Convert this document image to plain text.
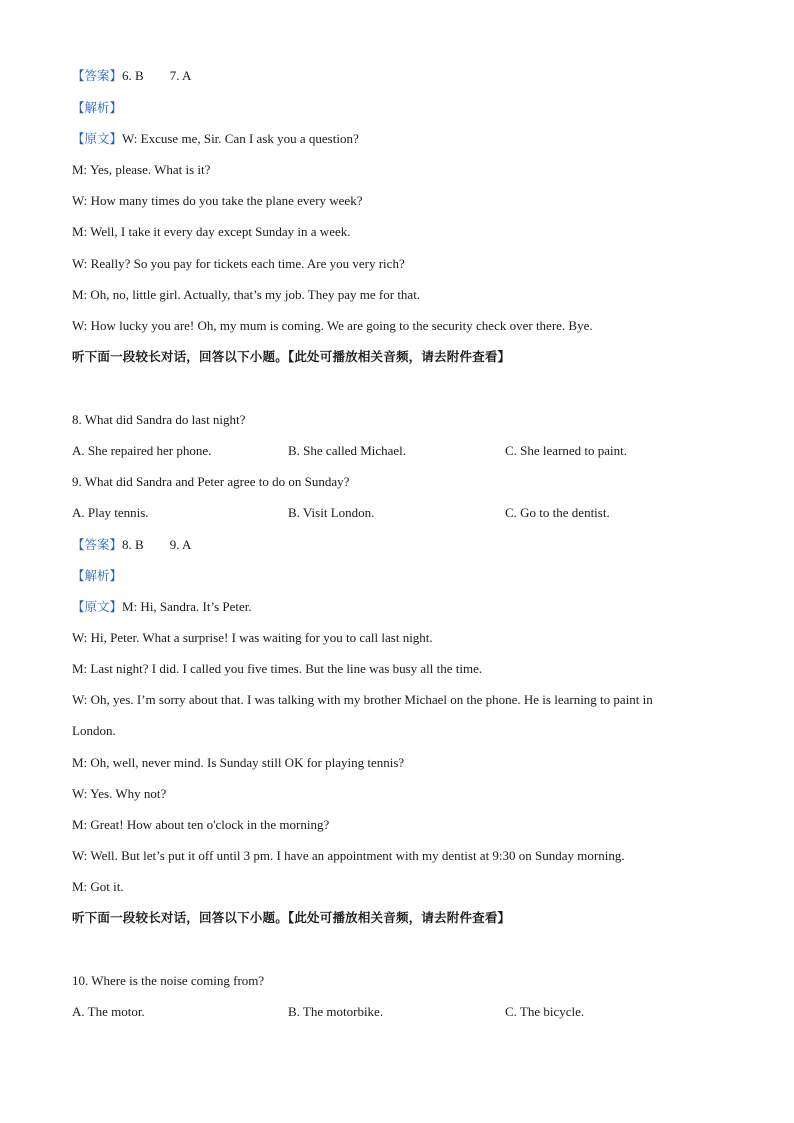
【答案】6. B 7. A
【解析】
【原文】W: Excuse me, Sir. Can I ask you a question?
M: Yes, please. What is it?
W: How many times do you take the plane every week?
M: Well, I take it every day except Sunday in a week.
W: Really? So you pay for tickets each time. Are you very rich?
M: Oh, no, little girl. Actually, that’s my job. They pay me for that.
W: How lucky you are! Oh, my mum is coming. We are going to the security check over there. Bye.
听下面一段较长对话，回答以下小题。【此处可播放相关音频，请去附件查看】
8. What did Sandra do last night?
A. She repaired her phone.	B. She called Michael.	C. She learned to paint.
9. What did Sandra and Peter agree to do on Sunday?
A. Play tennis.	B. Visit London.	C. Go to the dentist.
【答案】8. B 9. A
【解析】
【原文】M: Hi, Sandra. It’s Peter.
W: Hi, Peter. What a surprise! I was waiting for you to call last night.
M: Last night? I did. I called you five times. But the line was busy all the time.
W: Oh, yes. I’m sorry about that. I was talking with my brother Michael on the phone. He is learning to paint in
London.
M: Oh, well, never mind. Is Sunday still OK for playing tennis?
W: Yes. Why not?
M: Great! How about ten o'clock in the morning?
W: Well. But let’s put it off until 3 pm. I have an appointment with my dentist at 9:30 on Sunday morning.
M: Got it.
听下面一段较长对话，回答以下小题。【此处可播放相关音频，请去附件查看】
10. Where is the noise coming from?
A. The motor.	B. The motorbike.	C. The bicycle.
